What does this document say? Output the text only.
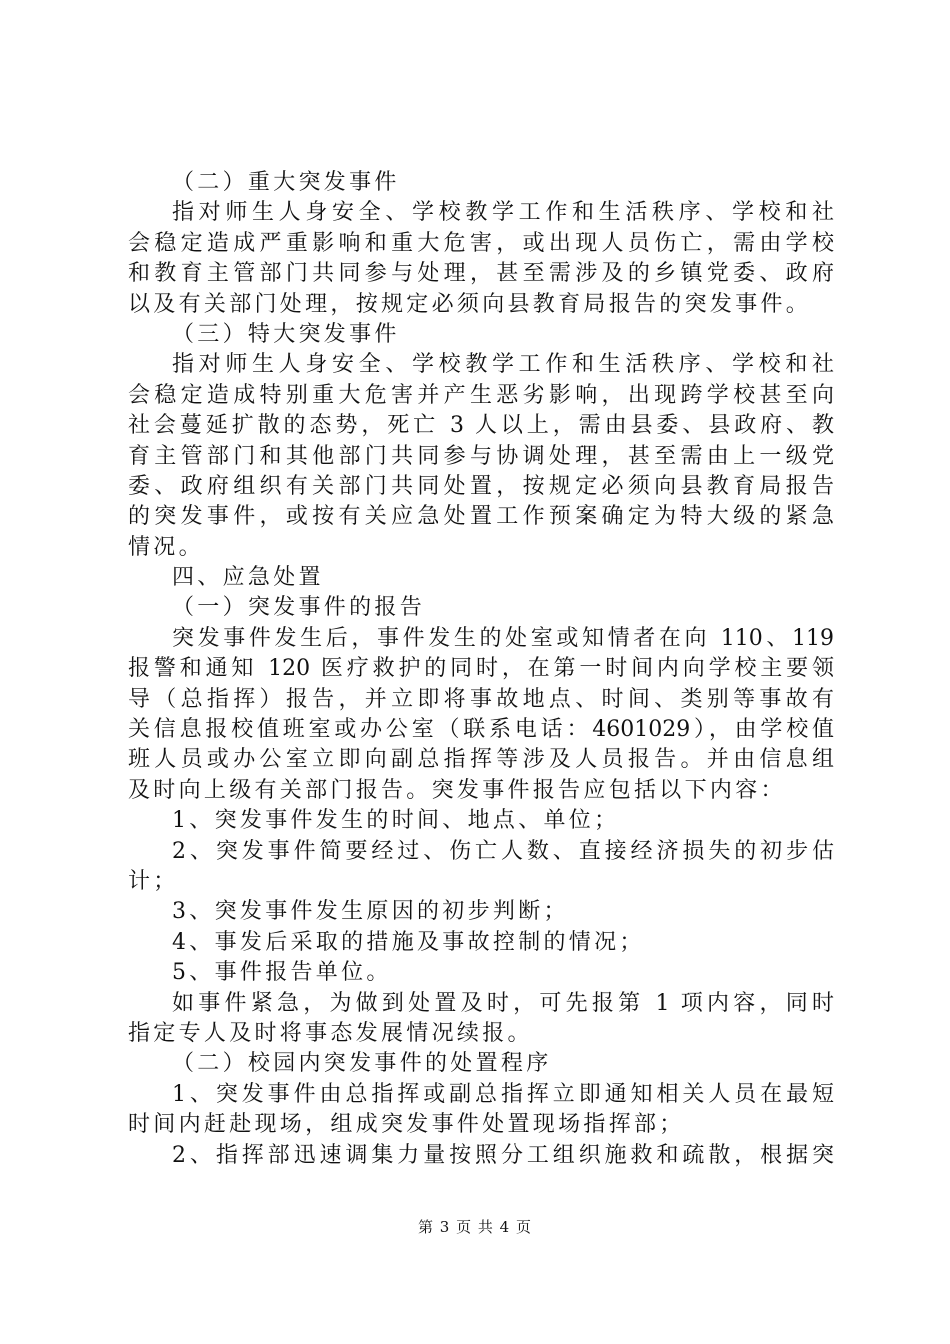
（二）重大突发事件
指对师生人身安全、学校教学工作和生活秩序、学校和社
会稳定造成严重影响和重大危害，或出现人员伤亡，需由学校
和教育主管部门共同参与处理，甚至需涉及的乡镇党委、政府
以及有关部门处理，按规定必须向县教育局报告的突发事件。
（三）特大突发事件
指对师生人身安全、学校教学工作和生活秩序、学校和社
会稳定造成特别重大危害并产生恶劣影响，出现跨学校甚至向
社会蔓延扩散的态势，死亡 3 人以上，需由县委、县政府、教
育主管部门和其他部门共同参与协调处理，甚至需由上一级党
委、政府组织有关部门共同处置，按规定必须向县教育局报告
的突发事件，或按有关应急处置工作预案确定为特大级的紧急
情况。
四、应急处置
（一）突发事件的报告
突发事件发生后，事件发生的处室或知情者在向 110、119
报警和通知 120 医疗救护的同时，在第一时间内向学校主要领
导（总指挥）报告，并立即将事故地点、时间、类别等事故有
关信息报校值班室或办公室（联系电话：4601029），由学校值
班人员或办公室立即向副总指挥等涉及人员报告。并由信息组
及时向上级有关部门报告。突发事件报告应包括以下内容：
1、突发事件发生的时间、地点、单位；
2、突发事件简要经过、伤亡人数、直接经济损失的初步估
计；
3、突发事件发生原因的初步判断；
4、事发后采取的措施及事故控制的情况；
5、事件报告单位。
如事件紧急，为做到处置及时，可先报第 1 项内容，同时
指定专人及时将事态发展情况续报。
（二）校园内突发事件的处置程序
1、突发事件由总指挥或副总指挥立即通知相关人员在最短
时间内赶赴现场，组成突发事件处置现场指挥部；
2、指挥部迅速调集力量按照分工组织施救和疏散，根据突
第 3 页 共 4 页
